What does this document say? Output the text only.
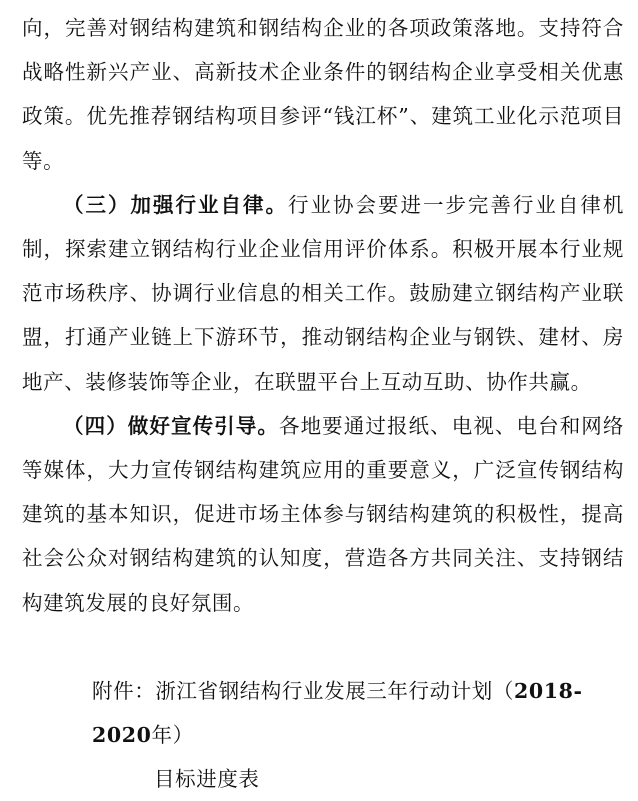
向，完善对钢结构建筑和钢结构企业的各项政策落地。支持符合战略性新兴产业、高新技术企业条件的钢结构企业享受相关优惠政策。优先推荐钢结构项目参评“钱江杯”、建筑工业化示范项目等。

（三）加强行业自律。行业协会要进一步完善行业自律机制，探索建立钢结构行业企业信用评价体系。积极开展本行业规范市场秩序、协调行业信息的相关工作。鼓励建立钢结构产业联盟，打通产业链上下游环节，推动钢结构企业与钢铁、建材、房地产、装修装饰等企业，在联盟平台上互动互助、协作共赢。

（四）做好宣传引导。各地要通过报纸、电视、电台和网络等媒体，大力宣传钢结构建筑应用的重要意义，广泛宣传钢结构建筑的基本知识，促进市场主体参与钢结构建筑的积极性，提高社会公众对钢结构建筑的认知度，营造各方共同关注、支持钢结构建筑发展的良好氛围。

附件：浙江省钢结构行业发展三年行动计划（2018-2020年）
目标进度表
